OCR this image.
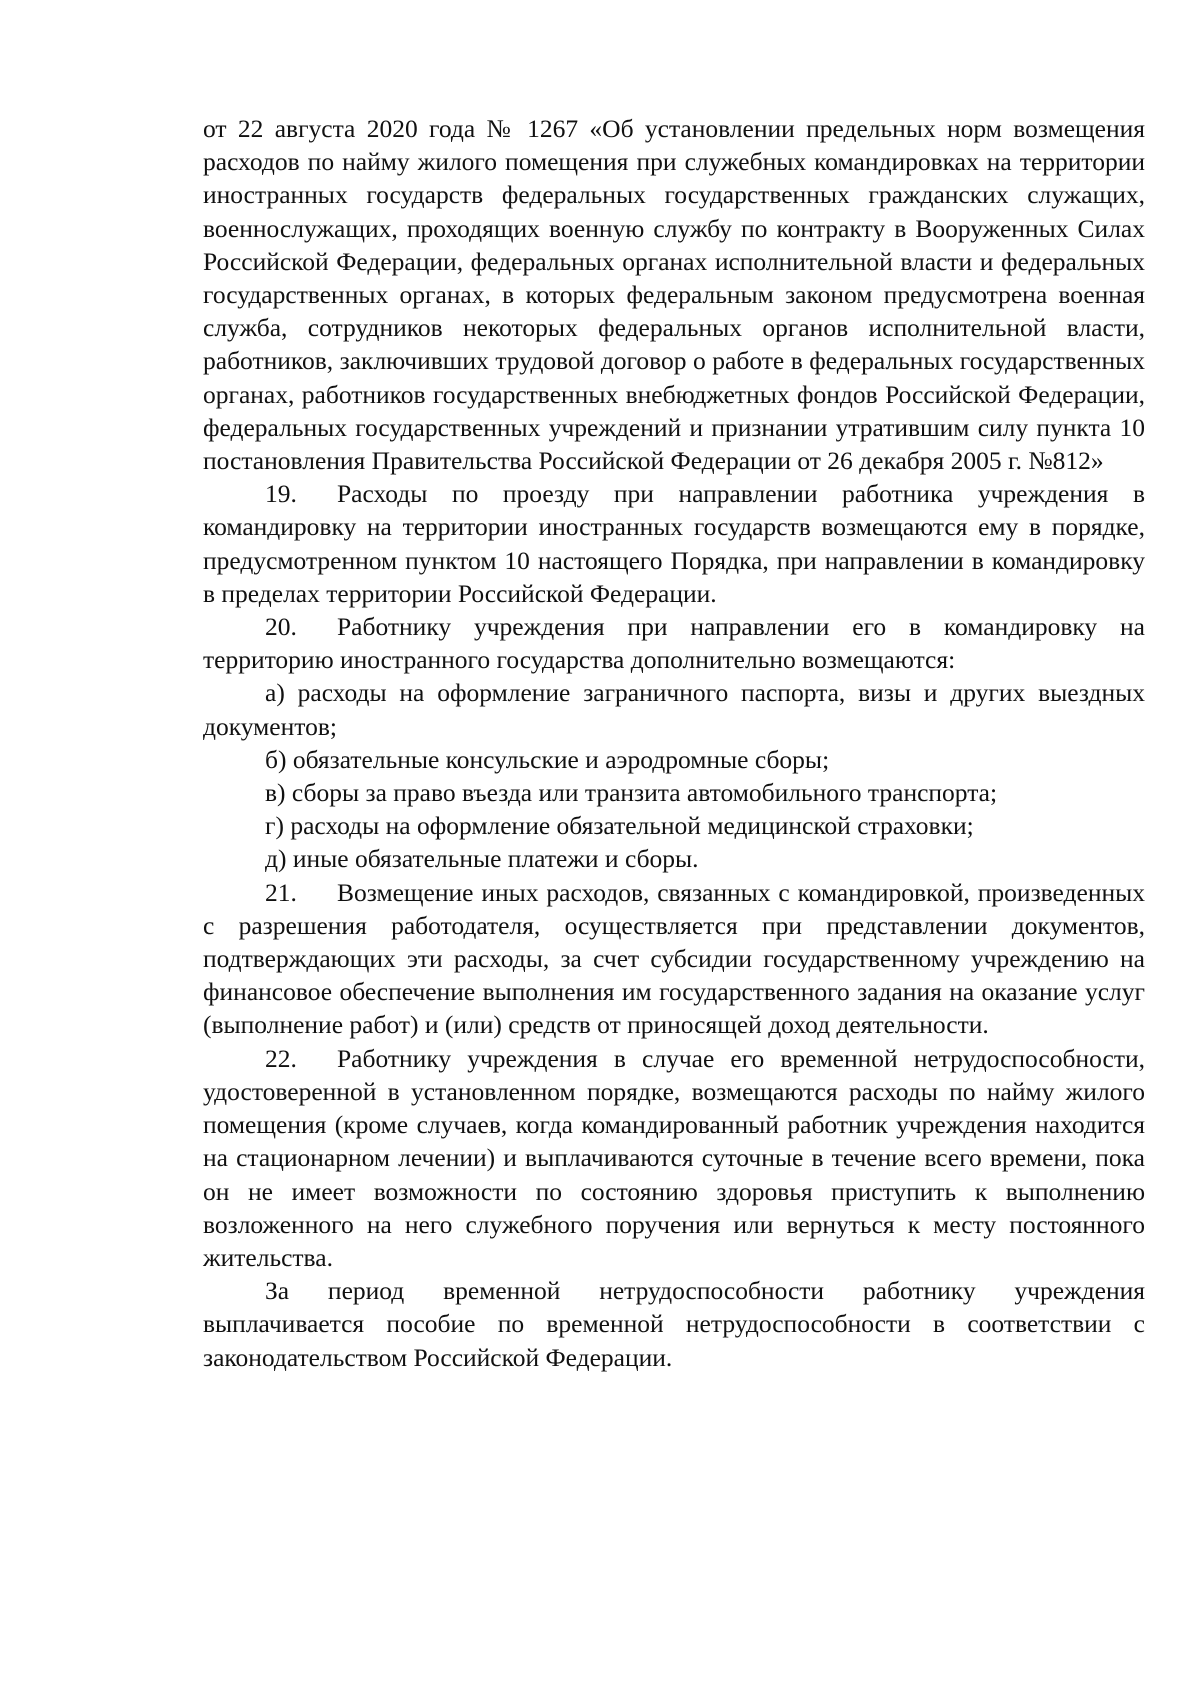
от 22 августа 2020 года № 1267 «Об установлении предельных норм возмещения расходов по найму жилого помещения при служебных командировках на территории иностранных государств федеральных государственных гражданских служащих, военнослужащих, проходящих военную службу по контракту в Вооруженных Силах Российской Федерации, федеральных органах исполнительной власти и федеральных государственных органах, в которых федеральным законом предусмотрена военная служба, сотрудников некоторых федеральных органов исполнительной власти, работников, заключивших трудовой договор о работе в федеральных государственных органах, работников государственных внебюджетных фондов Российской Федерации, федеральных государственных учреждений и признании утратившим силу пункта 10 постановления Правительства Российской Федерации от 26 декабря 2005 г. №812»

19. Расходы по проезду при направлении работника учреждения в командировку на территории иностранных государств возмещаются ему в порядке, предусмотренном пунктом 10 настоящего Порядка, при направлении в командировку в пределах территории Российской Федерации.

20. Работнику учреждения при направлении его в командировку на территорию иностранного государства дополнительно возмещаются:

а) расходы на оформление заграничного паспорта, визы и других выездных документов;

б) обязательные консульские и аэродромные сборы;

в) сборы за право въезда или транзита автомобильного транспорта;

г) расходы на оформление обязательной медицинской страховки;

д) иные обязательные платежи и сборы.

21. Возмещение иных расходов, связанных с командировкой, произведенных с разрешения работодателя, осуществляется при представлении документов, подтверждающих эти расходы, за счет субсидии государственному учреждению на финансовое обеспечение выполнения им государственного задания на оказание услуг (выполнение работ) и (или) средств от приносящей доход деятельности.

22. Работнику учреждения в случае его временной нетрудоспособности, удостоверенной в установленном порядке, возмещаются расходы по найму жилого помещения (кроме случаев, когда командированный работник учреждения находится на стационарном лечении) и выплачиваются суточные в течение всего времени, пока он не имеет возможности по состоянию здоровья приступить к выполнению возложенного на него служебного поручения или вернуться к месту постоянного жительства.

За период временной нетрудоспособности работнику учреждения выплачивается пособие по временной нетрудоспособности в соответствии с законодательством Российской Федерации.
